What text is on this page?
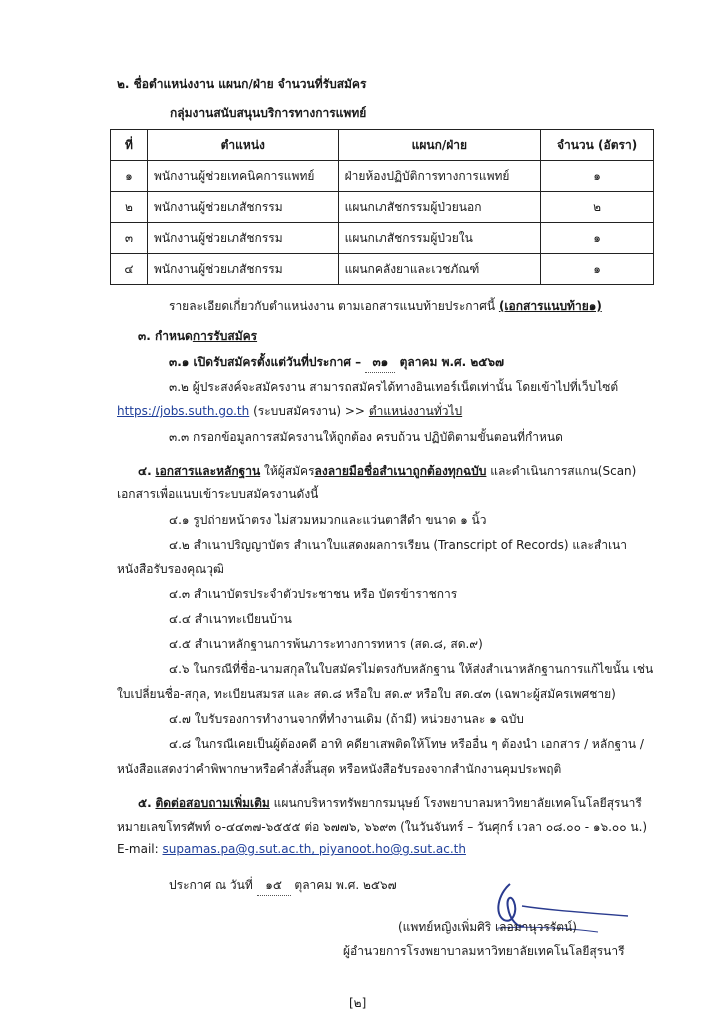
๒. ชื่อตำแหน่งงาน แผนก/ฝ่าย จำนวนที่รับสมัคร
กลุ่มงานสนับสนุนบริการทางการแพทย์
ที่	ตำแหน่ง	แผนก/ฝ่าย	จำนวน (อัตรา)
๑	พนักงานผู้ช่วยเทคนิคการแพทย์	ฝ่ายห้องปฏิบัติการทางการแพทย์	๑
๒	พนักงานผู้ช่วยเภสัชกรรม	แผนกเภสัชกรรมผู้ป่วยนอก	๒
๓	พนักงานผู้ช่วยเภสัชกรรม	แผนกเภสัชกรรมผู้ป่วยใน	๑
๔	พนักงานผู้ช่วยเภสัชกรรม	แผนกคลังยาและเวชภัณฑ์	๑
รายละเอียดเกี่ยวกับตำแหน่งงาน ตามเอกสารแนบท้ายประกาศนี้ (เอกสารแนบท้าย๑)
๓. กำหนดการรับสมัคร
๓.๑ เปิดรับสมัครตั้งแต่วันที่ประกาศ – ๓๑ ตุลาคม พ.ศ. ๒๕๖๗
๓.๒ ผู้ประสงค์จะสมัครงาน สามารถสมัครได้ทางอินเทอร์เน็ตเท่านั้น โดยเข้าไปที่เว็บไซต์
https://jobs.suth.go.th (ระบบสมัครงาน) >> ตำแหน่งงานทั่วไป
๓.๓ กรอกข้อมูลการสมัครงานให้ถูกต้อง ครบถ้วน ปฏิบัติตามขั้นตอนที่กำหนด
๔. เอกสารและหลักฐาน ให้ผู้สมัครลงลายมือชื่อสำเนาถูกต้องทุกฉบับ และดำเนินการสแกน(Scan)
เอกสารเพื่อแนบเข้าระบบสมัครงานดังนี้
๔.๑ รูปถ่ายหน้าตรง ไม่สวมหมวกและแว่นตาสีดำ ขนาด ๑ นิ้ว
๔.๒ สำเนาปริญญาบัตร สำเนาใบแสดงผลการเรียน (Transcript of Records) และสำเนา
หนังสือรับรองคุณวุฒิ
๔.๓ สำเนาบัตรประจำตัวประชาชน หรือ บัตรข้าราชการ
๔.๔ สำเนาทะเบียนบ้าน
๔.๕ สำเนาหลักฐานการพ้นภาระทางการทหาร (สด.๘, สด.๙)
๔.๖ ในกรณีที่ชื่อ-นามสกุลในใบสมัครไม่ตรงกับหลักฐาน ให้ส่งสำเนาหลักฐานการแก้ไขนั้น เช่น
ใบเปลี่ยนชื่อ-สกุล, ทะเบียนสมรส และ สด.๘ หรือใบ สด.๙ หรือใบ สด.๔๓ (เฉพาะผู้สมัครเพศชาย)
๔.๗ ใบรับรองการทำงานจากที่ทำงานเดิม (ถ้ามี) หน่วยงานละ ๑ ฉบับ
๔.๘ ในกรณีเคยเป็นผู้ต้องคดี อาทิ คดียาเสพติดให้โทษ หรืออื่น ๆ ต้องนำ เอกสาร / หลักฐาน /
หนังสือแสดงว่าคำพิพากษาหรือคำสั่งสิ้นสุด หรือหนังสือรับรองจากสำนักงานคุมประพฤติ
๕. ติดต่อสอบถามเพิ่มเติม แผนกบริหารทรัพยากรมนุษย์ โรงพยาบาลมหาวิทยาลัยเทคโนโลยีสุรนารี
หมายเลขโทรศัพท์ ๐-๔๔๓๗-๖๕๕๕ ต่อ ๖๗๗๖, ๖๖๙๓ (ในวันจันทร์ – วันศุกร์ เวลา ๐๘.๐๐ - ๑๖.๐๐ น.)
E-mail: supamas.pa@g.sut.ac.th, piyanoot.ho@g.sut.ac.th
ประกาศ ณ วันที่ ๑๕ ตุลาคม พ.ศ. ๒๕๖๗
(แพทย์หญิงเพิ่มศิริ เลอมานุวรรัตน์)
ผู้อำนวยการโรงพยาบาลมหาวิทยาลัยเทคโนโลยีสุรนารี
[๒]
